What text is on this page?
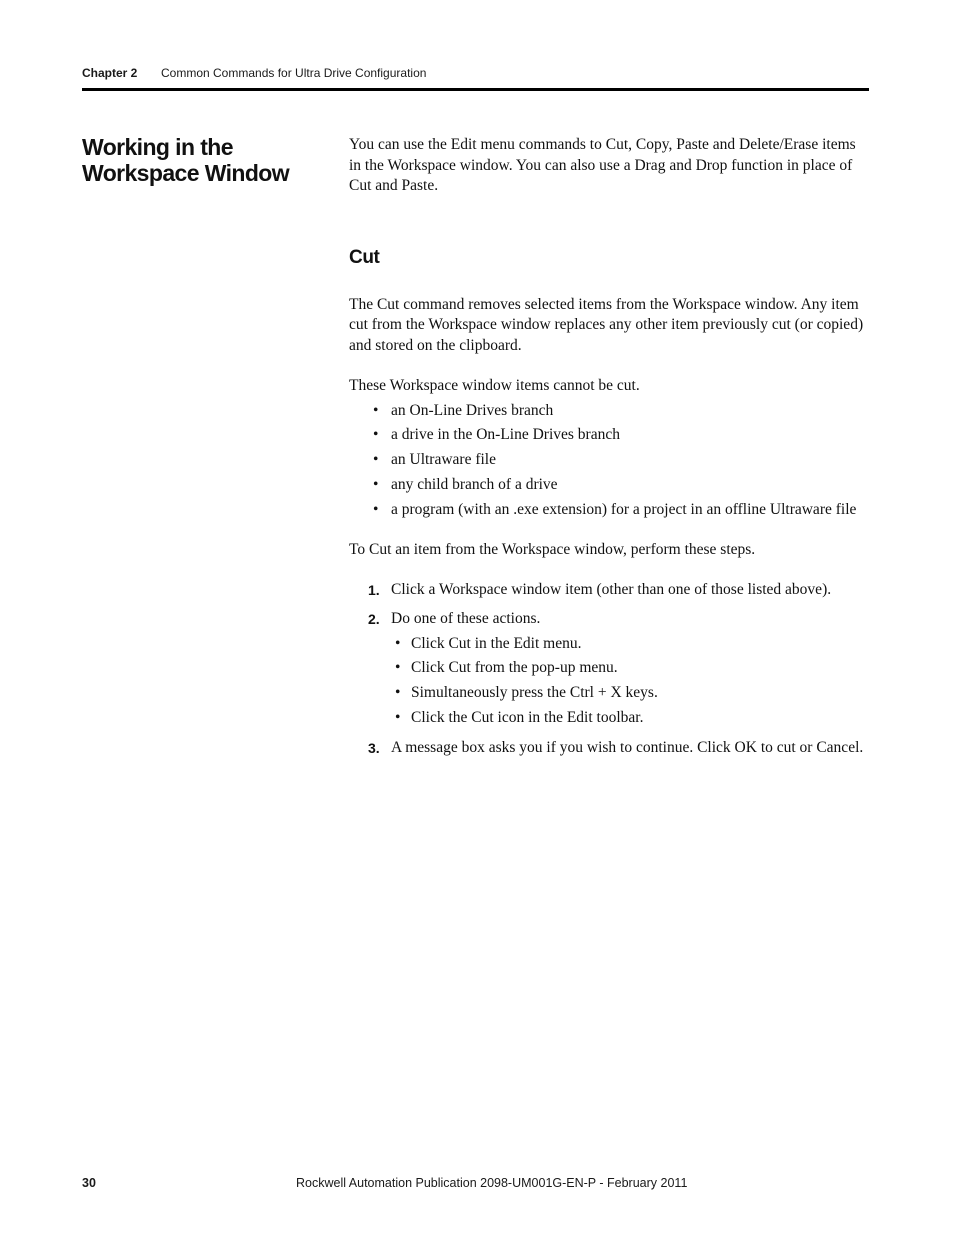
Chapter 2 Common Commands for Ultra Drive Configuration
Working in the Workspace Window

You can use the Edit menu commands to Cut, Copy, Paste and Delete/Erase items in the Workspace window. You can also use a Drag and Drop function in place of Cut and Paste.

Cut

The Cut command removes selected items from the Workspace window. Any item cut from the Workspace window replaces any other item previously cut (or copied) and stored on the clipboard.

These Workspace window items cannot be cut.

• an On-Line Drives branch
• a drive in the On-Line Drives branch
• an Ultraware file
• any child branch of a drive
• a program (with an .exe extension) for a project in an offline Ultraware file

To Cut an item from the Workspace window, perform these steps.

1. Click a Workspace window item (other than one of those listed above).
2. Do one of these actions.
• Click Cut in the Edit menu.
• Click Cut from the pop-up menu.
• Simultaneously press the Ctrl + X keys.
• Click the Cut icon in the Edit toolbar.
3. A message box asks you if you wish to continue. Click OK to cut or Cancel.
30	Rockwell Automation Publication 2098-UM001G-EN-P - February 2011
